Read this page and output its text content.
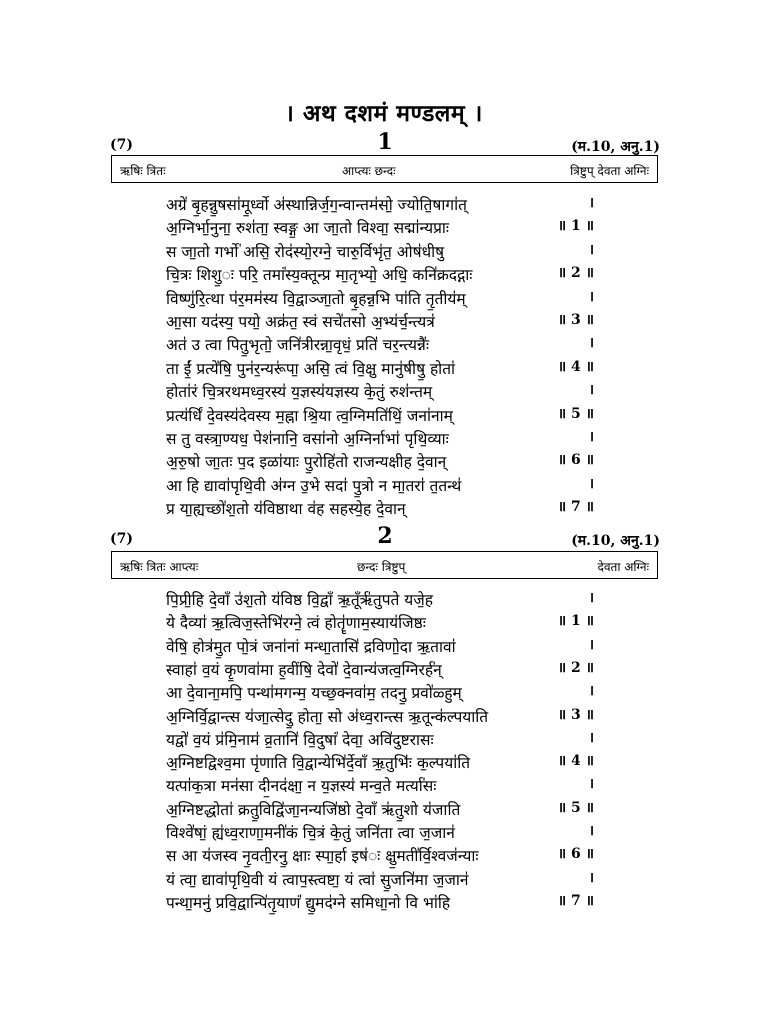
। अथ दशमं मण्डलम् ।
(7)	1	(म.10, अनु.1)
ऋषिः त्रितः	आप्त्यः छन्दः	त्रिष्टुप् देवता अग्निः
अग्रे॑ बृ॒हन्नु॒षसा॑मू॒र्ध्वो अ॑स्थान्निर्ज॒ग॒न्वान्तम॑सो॒ ज्योति॒षागा॑त्	।
अ॒ग्निर्भा॒नुना॒ रुश॑ता॒ स्वङ्ग॒ आ जा॒तो विश्वा॒ सद्मा॑न्यप्राः	॥ 1 ॥
स जा॒तो गर्भो॑ असि॒ रोद॑स्यो॒रग्ने॒ चारु॒र्विभृ॑त॒ ओष॑धीषु	।
चि॒त्रः शिशु॒ः परि॒ तमां॑स्य॒क्तून्प्र मा॒तृभ्यो॒ अधि॒ कनि॑क्रदद्गाः	॥ 2 ॥
विष्णु॑रि॒त्था प॑र॒मम॑स्य वि॒द्वाञ्जा॒तो बृ॒हन्न॒भि पा॑ति तृ॒तीय॑म्	।
आ॒सा यद॑स्य॒ पयो॒ अक्र॑त॒ स्वं सचे॑तसो अ॒भ्य॑र्च॒न्त्यत्र॑	॥ 3 ॥
अत॑ उ त्वा पितु॒भृतो॒ जनि॑त्रीरन्ना॒वृधं॒ प्रति॑ चर॒न्त्यन्नैः॑	।
ता ईं॒ प्रत्ये॑षि॒ पुन॑र॒न्यरू॑पा॒ असि॒ त्वं वि॒क्षु मानु॑षीषु॒ होता॑	॥ 4 ॥
होता॑रं चि॒त्ररथमध्व॒रस्य॑ य॒ज्ञस्य॑यज्ञस्य के॒तुं रुश॑न्तम्	।
प्रत्य॑र्धिं दे॒वस्य॑देवस्य म॒ह्ना श्रि॒या त्व॒ग्निमति॑थिं॒ जना॑नाम्	॥ 5 ॥
स तु वस्त्रा॒ण्यध॒ पेश॑नानि॒ वसा॑नो अ॒ग्निर्नाभा॑ पृथि॒व्याः	।
अ॒रु॒षो जा॒तः प॒द इळा॑याः पु॒रोहि॑तो राजन्यक्षीह दे॒वान्	॥ 6 ॥
आ हि द्यावा॑पृथि॒वी अ॑ग्न उ॒भे सदा॑ पु॒त्रो न मा॒तरा॑ त॒तन्थ॑	।
प्र या॒ह्यच्छो॑श॒तो य॑विष्ठाथा व॑ह सहस्ये॒ह दे॒वान्	॥ 7 ॥
(7)	2	(म.10, अनु.1)
ऋषिः त्रितः आप्त्यः	छन्दः त्रिष्टुप्	देवता अग्निः
पि॒प्री॒हि दे॒वाँ उ॑श॒तो य॑विष्ठ वि॒द्वाँ ऋ॒तूँरृ॑तुपते यजे॒ह	।
ये दैव्या॑ ऋ॒त्विज॒स्तेभि॑रग्ने॒ त्वं होतॄ॑णाम॒स्याय॑जिष्ठः	॥ 1 ॥
वेषि॒ होत्र॑मु॒त पो॒त्रं जना॑नां मन्धा॒तासि॑ द्रविणो॒दा ऋ॒तावा॑	।
स्वाहा॑ व॒यं कृ॒णवा॑मा ह॒वींषि॒ देवो॑ दे॒वान्य॑जत्व॒ग्निरर्ह॑न्	॥ 2 ॥
आ दे॒वाना॒मपि॒ पन्था॑मगन्म॒ यच्छ॒क्नवा॑म॒ तदनु॒ प्रवो॑ळ्हुम्	।
अ॒ग्निर्वि॒द्वान्त्स य॑जा॒त्सेदु॒ होता॒ सो अ॑ध्व॒रान्त्स ऋ॒तून्क॑ल्पयाति	॥ 3 ॥
यद्वो॑ व॒यं प्र॑मि॒नाम॑ व्र॒तानि॑ वि॒दुषां॑ देवा॒ अवि॑दुष्टरासः	।
अ॒ग्निष्टद्विश्व॒मा पृ॑णाति वि॒द्वान्येभि॑र्दे॒वाँ ऋ॒तुभिः॑ क॒ल्पया॑ति	॥ 4 ॥
यत्पा॑क॒त्रा मन॑सा दी॒नद॑क्षा॒ न य॒ज्ञस्य॑ मन्व॒ते मर्त्या॑सः	।
अ॒ग्निष्टद्धोता॑ क्रतु॒विद्वि॑जा॒नन्यजि॑ष्ठो दे॒वाँ ऋ॑तु॒शो य॑जाति	॥ 5 ॥
विश्वे॑षां॒ ह्य॑ध्व॒राणा॒मनी॑कं चि॒त्रं के॒तुं जनि॑ता त्वा ज॒जान॑	।
स आ य॑जस्व नृ॒वती॒रनु॒ क्षाः स्पा॒र्हा इष॑ः क्षु॒मती॑र्वि॒श्वज॑न्याः	॥ 6 ॥
यं त्वा॒ द्यावा॑पृथि॒वी यं त्वाप॒स्त्वष्टा॒ यं त्वा॑ सु॒जनि॑मा ज॒जान॑	।
पन्था॒मनु॑ प्रवि॒द्वान्पि॑तृ॒याणं॑ द्यु॒मद॑ग्ने समिधा॒नो वि भा॑हि	॥ 7 ॥
